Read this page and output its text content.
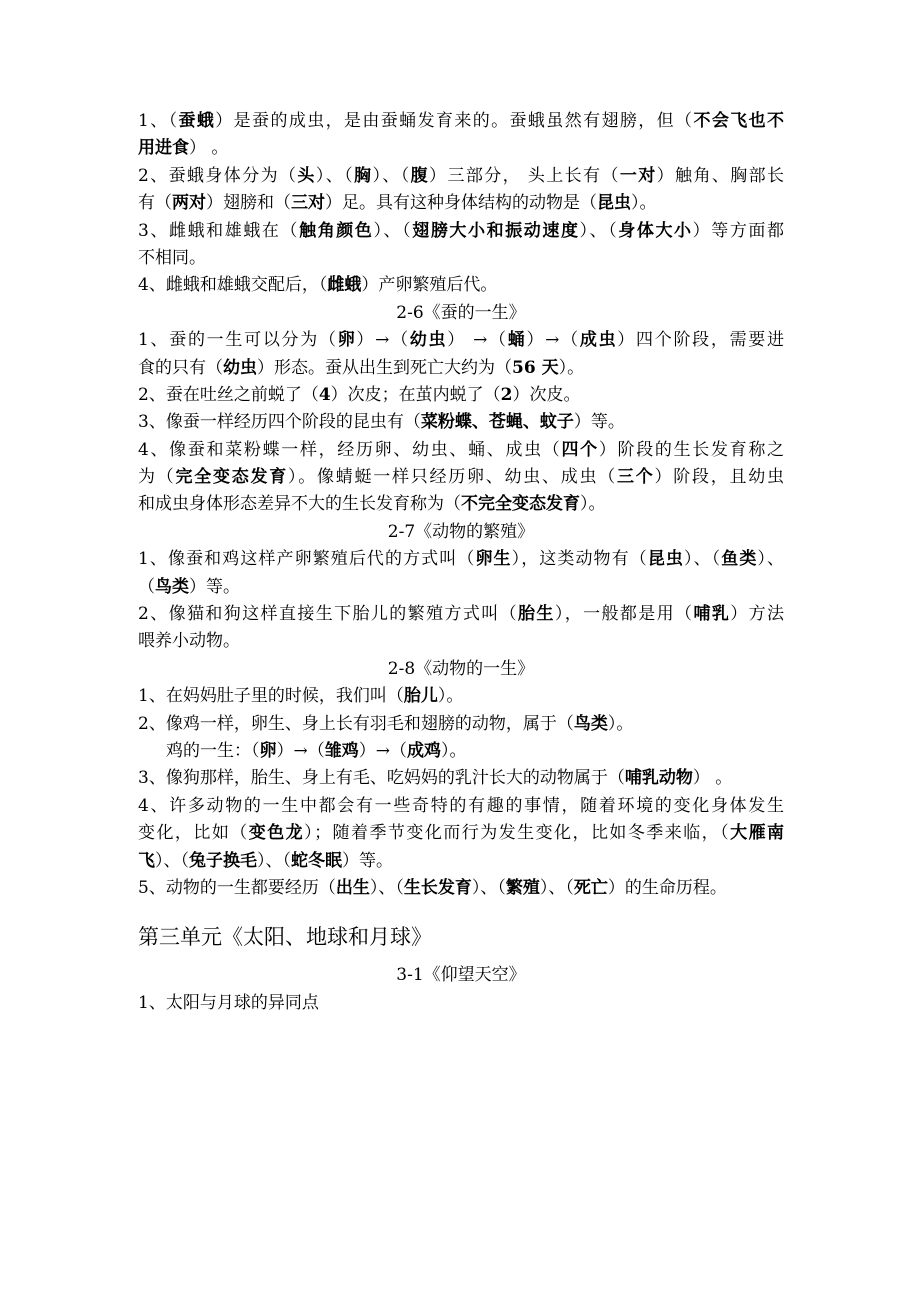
1、（蚕蛾）是蚕的成虫，是由蚕蛹发育来的。蚕蛾虽然有翅膀，但（不会飞也不
用进食） 。
2、蚕蛾身体分为（头）、（胸）、（腹）三部分， 头上长有（一对）触角、胸部长
有（两对）翅膀和（三对）足。具有这种身体结构的动物是（昆虫）。
3、雌蛾和雄蛾在（触角颜色）、（翅膀大小和振动速度）、（身体大小）等方面都
不相同。
4、雌蛾和雄蛾交配后，（雌蛾）产卵繁殖后代。
2-6《蚕的一生》
1、蚕的一生可以分为（卵）→（幼虫） →（蛹）→（成虫）四个阶段，需要进
食的只有（幼虫）形态。蚕从出生到死亡大约为（56 天）。
2、蚕在吐丝之前蜕了（4）次皮；在茧内蜕了（2）次皮。
3、像蚕一样经历四个阶段的昆虫有（菜粉蝶、苍蝇、蚊子）等。
4、像蚕和菜粉蝶一样，经历卵、幼虫、蛹、成虫（四个）阶段的生长发育称之
为（完全变态发育）。像蜻蜓一样只经历卵、幼虫、成虫（三个）阶段，且幼虫
和成虫身体形态差异不大的生长发育称为（不完全变态发育）。
2-7《动物的繁殖》
1、像蚕和鸡这样产卵繁殖后代的方式叫（卵生），这类动物有（昆虫）、（鱼类）、
（鸟类）等。
2、像猫和狗这样直接生下胎儿的繁殖方式叫（胎生），一般都是用（哺乳）方法
喂养小动物。
2-8《动物的一生》
1、在妈妈肚子里的时候，我们叫（胎儿）。
2、像鸡一样，卵生、身上长有羽毛和翅膀的动物，属于（鸟类）。
鸡的一生：（卵）→（雏鸡）→（成鸡）。
3、像狗那样，胎生、身上有毛、吃妈妈的乳汁长大的动物属于（哺乳动物） 。
4、许多动物的一生中都会有一些奇特的有趣的事情，随着环境的变化身体发生
变化，比如（变色龙）；随着季节变化而行为发生变化，比如冬季来临，（大雁南
飞）、（兔子换毛）、（蛇冬眠）等。
5、动物的一生都要经历（出生）、（生长发育）、（繁殖）、（死亡）的生命历程。
第三单元《太阳、地球和月球》
3-1《仰望天空》
1、太阳与月球的异同点
